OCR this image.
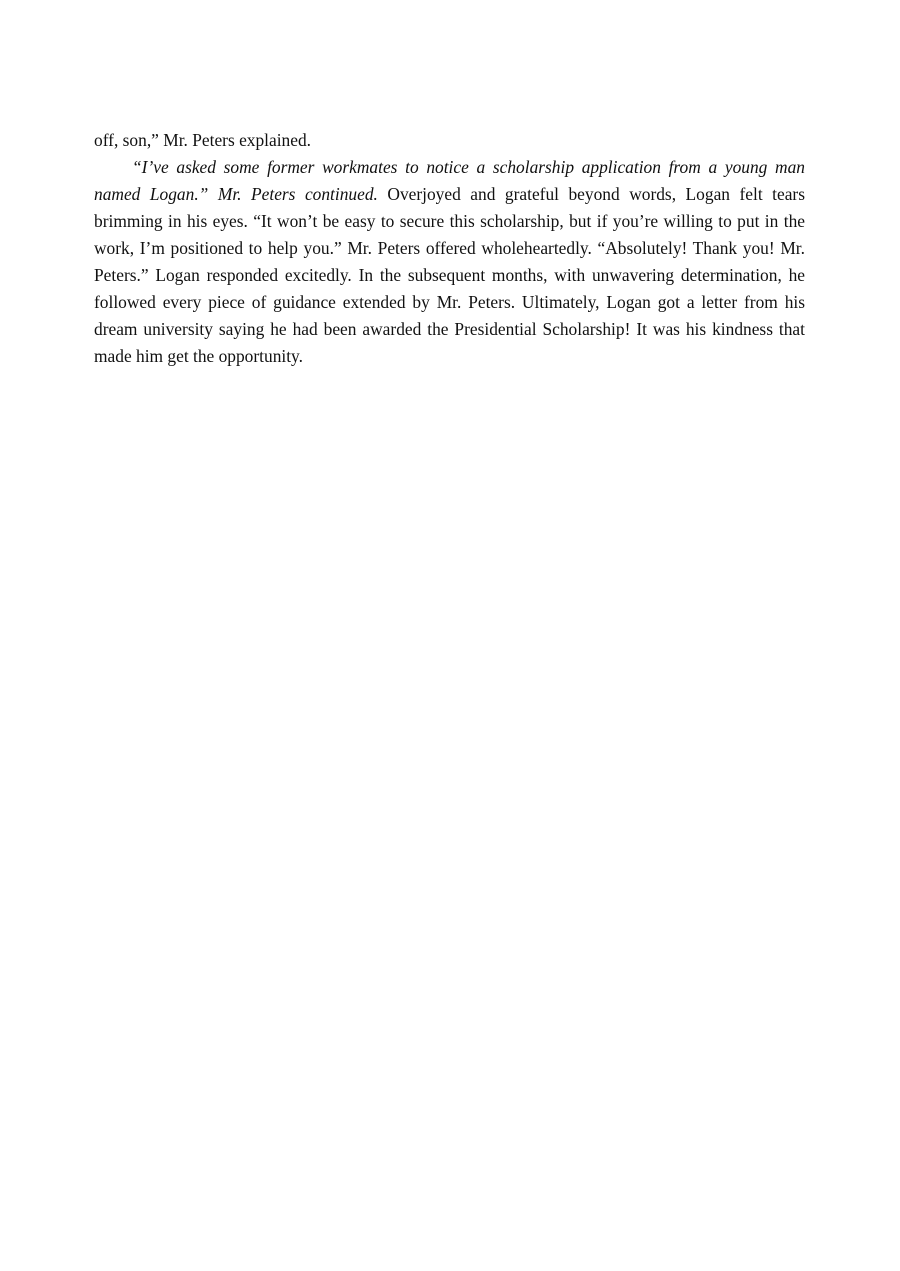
off, son,” Mr. Peters explained.

“I’ve asked some former workmates to notice a scholarship application from a young man named Logan.” Mr. Peters continued. Overjoyed and grateful beyond words, Logan felt tears brimming in his eyes. “It won’t be easy to secure this scholarship, but if you’re willing to put in the work, I’m positioned to help you.” Mr. Peters offered wholeheartedly. “Absolutely! Thank you! Mr. Peters.” Logan responded excitedly. In the subsequent months, with unwavering determination, he followed every piece of guidance extended by Mr. Peters. Ultimately, Logan got a letter from his dream university saying he had been awarded the Presidential Scholarship! It was his kindness that made him get the opportunity.
